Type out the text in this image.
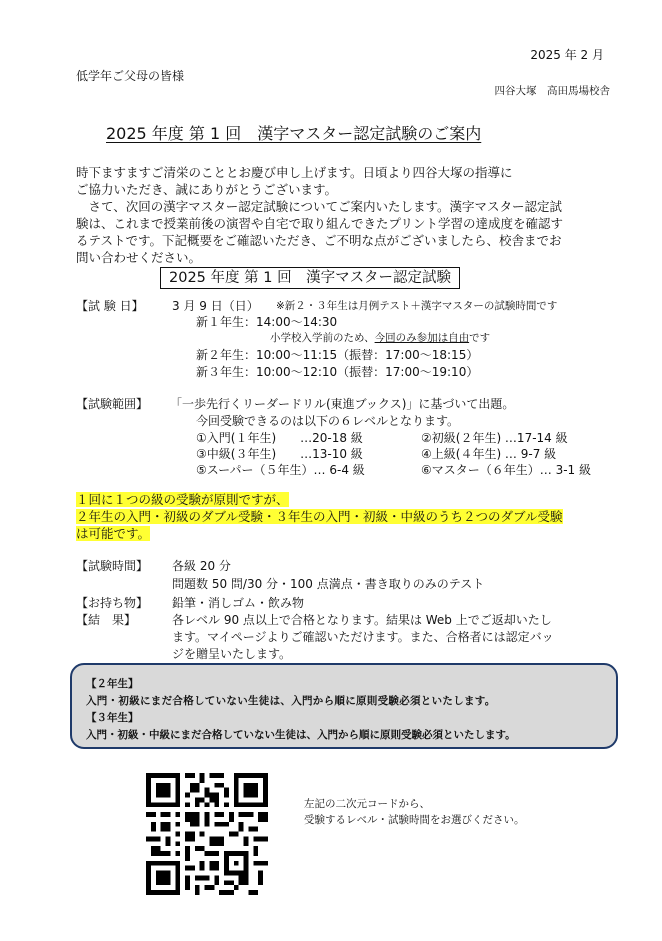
2025 年 2 月
低学年ご父母の皆様
四谷大塚　高田馬場校舎
2025 年度 第 1 回　漢字マスター認定試験のご案内
時下ますますご清栄のこととお慶び申し上げます。日頃より四谷大塚の指導に
ご協力いただき、誠にありがとうございます。
　さて、次回の漢字マスター認定試験についてご案内いたします。漢字マスター認定試
験は、これまで授業前後の演習や自宅で取り組んできたプリント学習の達成度を確認す
るテストです。下記概要をご確認いただき、ご不明な点がございましたら、校舎までお
問い合わせください。
2025 年度 第 1 回　漢字マスター認定試験
【試 験 日】 3 月 9 日（日） ※新２・３年生は月例テスト＋漢字マスターの試験時間です
新１年生：14:00～14:30
小学校入学前のため、今回のみ参加は自由です
新２年生：10:00～11:15（振替：17:00～18:15）
新３年生：10:00～12:10（振替：17:00～19:10）
【試験範囲】 「一歩先行くリーダードリル(東進ブックス)」に基づいて出題。
今回受験できるのは以下の６レベルとなります。
①入門(１年生)　　…20-18 級	②初級(２年生) …17-14 級
③中級(３年生)　　…13-10 級	④上級(４年生) … 9-7 級
⑤スーパー（５年生）… 6-4 級	⑥マスター（６年生）… 3-1 級
１回に１つの級の受験が原則ですが、
２年生の入門・初級のダブル受験・３年生の入門・初級・中級のうち２つのダブル受験
は可能です。
【試験時間】 各級 20 分
問題数 50 問/30 分・100 点満点・書き取りのみのテスト
【お持ち物】 鉛筆・消しゴム・飲み物
【結　果】	各レベル 90 点以上で合格となります。結果は Web 上でご返却いたし
ます。マイページよりご確認いただけます。また、合格者には認定バッ
ジを贈呈いたします。
【２年生】
入門・初級にまだ合格していない生徒は、入門から順に原則受験必須といたします。
【３年生】
入門・初級・中級にまだ合格していない生徒は、入門から順に原則受験必須といたします。
左記の二次元コードから、
受験するレベル・試験時間をお選びください。
